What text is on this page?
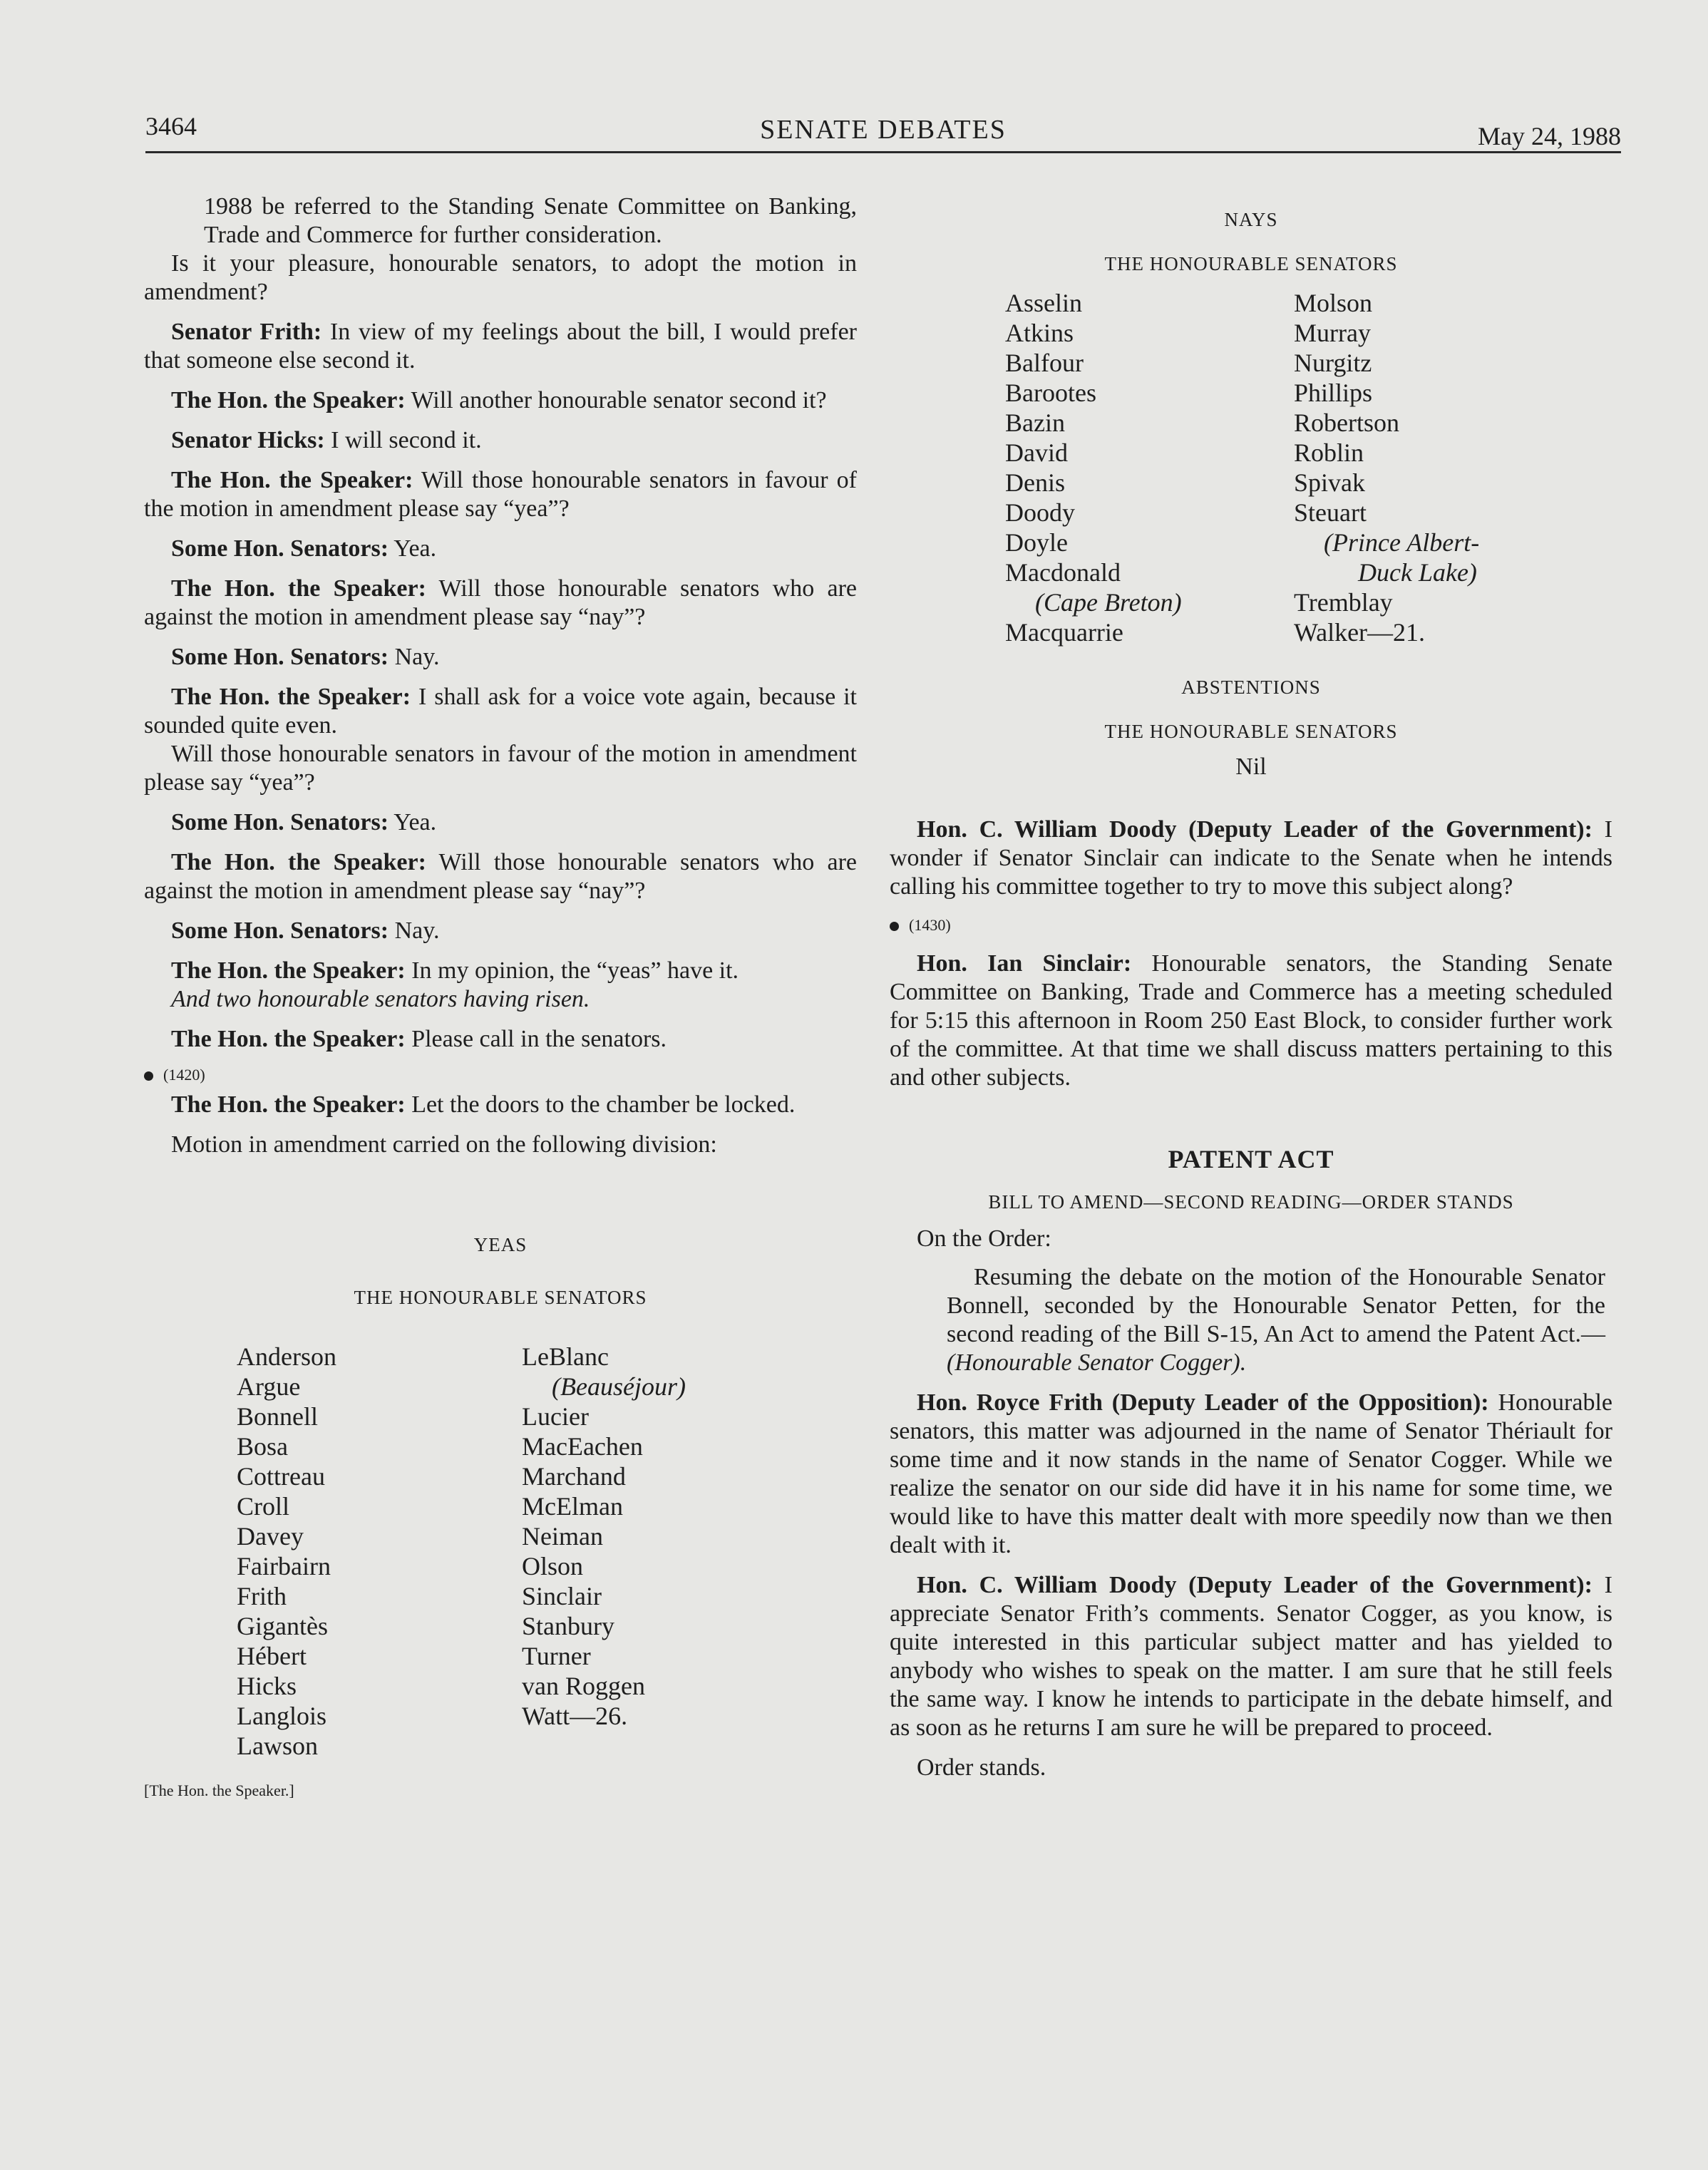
3464	SENATE DEBATES	May 24, 1988

1988 be referred to the Standing Senate Committee on Banking, Trade and Commerce for further consideration.

Is it your pleasure, honourable senators, to adopt the motion in amendment?

Senator Frith: In view of my feelings about the bill, I would prefer that someone else second it.

The Hon. the Speaker: Will another honourable senator second it?

Senator Hicks: I will second it.

The Hon. the Speaker: Will those honourable senators in favour of the motion in amendment please say “yea”?

Some Hon. Senators: Yea.

The Hon. the Speaker: Will those honourable senators who are against the motion in amendment please say “nay”?

Some Hon. Senators: Nay.

The Hon. the Speaker: I shall ask for a voice vote again, because it sounded quite even.

Will those honourable senators in favour of the motion in amendment please say “yea”?

Some Hon. Senators: Yea.

The Hon. the Speaker: Will those honourable senators who are against the motion in amendment please say “nay”?

Some Hon. Senators: Nay.

The Hon. the Speaker: In my opinion, the “yeas” have it.

And two honourable senators having risen.

The Hon. the Speaker: Please call in the senators.

(1420)

The Hon. the Speaker: Let the doors to the chamber be locked.

Motion in amendment carried on the following division:

YEAS
THE HONOURABLE SENATORS
Anderson
Argue
Bonnell
Bosa
Cottreau
Croll
Davey
Fairbairn
Frith
Gigantès
Hébert
Hicks
Langlois
Lawson
LeBlanc
(Beauséjour)
Lucier
MacEachen
Marchand
McElman
Neiman
Olson
Sinclair
Stanbury
Turner
van Roggen
Watt—26.
[The Hon. the Speaker.]
NAYS
THE HONOURABLE SENATORS
Asselin
Atkins
Balfour
Barootes
Bazin
David
Denis
Doody
Doyle
Macdonald
(Cape Breton)
Macquarrie
Molson
Murray
Nurgitz
Phillips
Robertson
Roblin
Spivak
Steuart
(Prince Albert-
Duck Lake)
Tremblay
Walker—21.
ABSTENTIONS
THE HONOURABLE SENATORS
Nil

Hon. C. William Doody (Deputy Leader of the Government): I wonder if Senator Sinclair can indicate to the Senate when he intends calling his committee together to try to move this subject along?

(1430)

Hon. Ian Sinclair: Honourable senators, the Standing Senate Committee on Banking, Trade and Commerce has a meeting scheduled for 5:15 this afternoon in Room 250 East Block, to consider further work of the committee. At that time we shall discuss matters pertaining to this and other subjects.

PATENT ACT
BILL TO AMEND—SECOND READING—ORDER STANDS

On the Order:

Resuming the debate on the motion of the Honourable Senator Bonnell, seconded by the Honourable Senator Petten, for the second reading of the Bill S-15, An Act to amend the Patent Act.—(Honourable Senator Cogger).

Hon. Royce Frith (Deputy Leader of the Opposition): Honourable senators, this matter was adjourned in the name of Senator Thériault for some time and it now stands in the name of Senator Cogger. While we realize the senator on our side did have it in his name for some time, we would like to have this matter dealt with more speedily now than we then dealt with it.

Hon. C. William Doody (Deputy Leader of the Government): I appreciate Senator Frith’s comments. Senator Cogger, as you know, is quite interested in this particular subject matter and has yielded to anybody who wishes to speak on the matter. I am sure that he still feels the same way. I know he intends to participate in the debate himself, and as soon as he returns I am sure he will be prepared to proceed.

Order stands.
